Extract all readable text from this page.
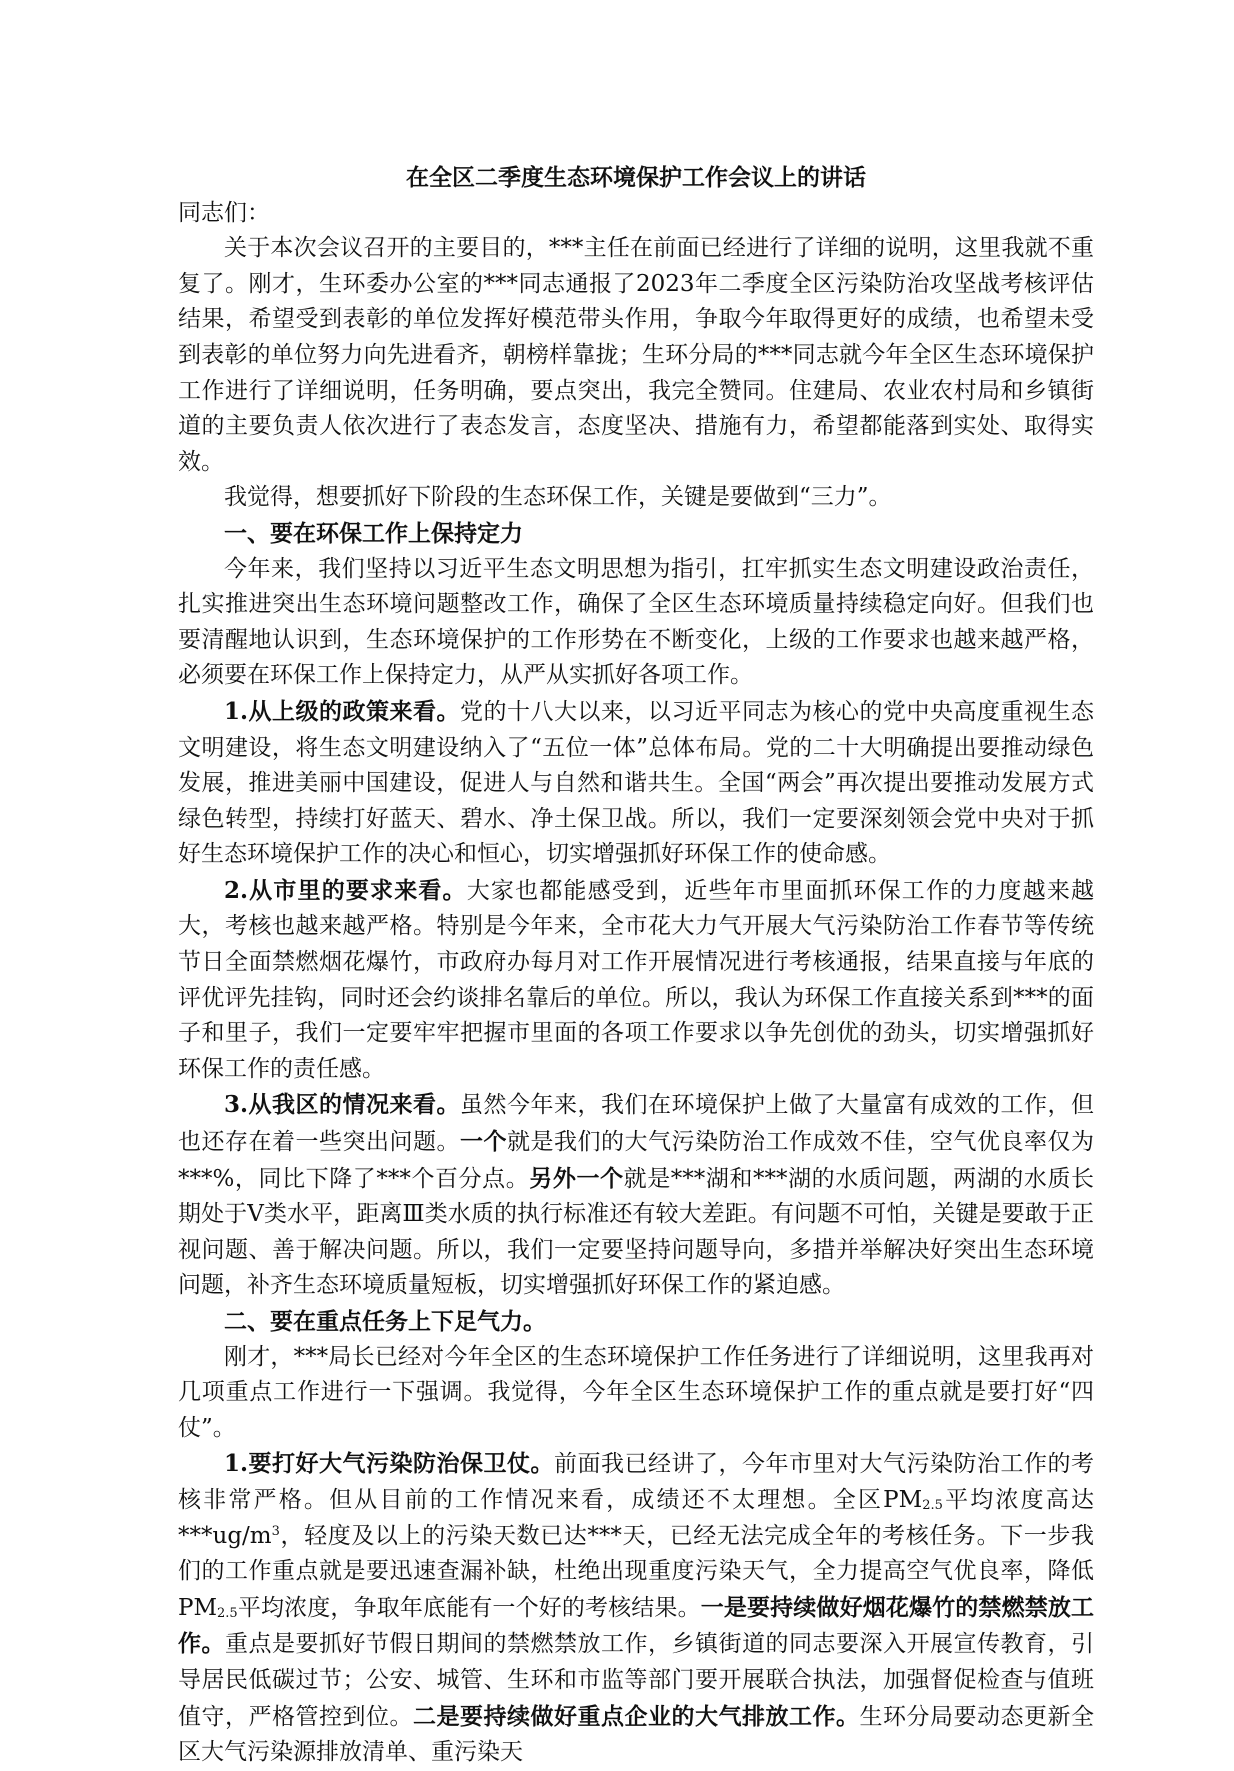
在全区二季度生态环境保护工作会议上的讲话

同志们：

关于本次会议召开的主要目的，***主任在前面已经进行了详细的说明，这里我就不重复了。刚才，生环委办公室的***同志通报了2023年二季度全区污染防治攻坚战考核评估结果，希望受到表彰的单位发挥好模范带头作用，争取今年取得更好的成绩，也希望未受到表彰的单位努力向先进看齐，朝榜样靠拢；生环分局的***同志就今年全区生态环境保护工作进行了详细说明，任务明确，要点突出，我完全赞同。住建局、农业农村局和乡镇街道的主要负责人依次进行了表态发言，态度坚决、措施有力，希望都能落到实处、取得实效。

我觉得，想要抓好下阶段的生态环保工作，关键是要做到“三力”。

一、要在环保工作上保持定力

今年来，我们坚持以习近平生态文明思想为指引，扛牢抓实生态文明建设政治责任，扎实推进突出生态环境问题整改工作，确保了全区生态环境质量持续稳定向好。但我们也要清醒地认识到，生态环境保护的工作形势在不断变化，上级的工作要求也越来越严格，必须要在环保工作上保持定力，从严从实抓好各项工作。

1.从上级的政策来看。党的十八大以来，以习近平同志为核心的党中央高度重视生态文明建设，将生态文明建设纳入了“五位一体”总体布局。党的二十大明确提出要推动绿色发展，推进美丽中国建设，促进人与自然和谐共生。全国“两会”再次提出要推动发展方式绿色转型，持续打好蓝天、碧水、净土保卫战。所以，我们一定要深刻领会党中央对于抓好生态环境保护工作的决心和恒心，切实增强抓好环保工作的使命感。

2.从市里的要求来看。大家也都能感受到，近些年市里面抓环保工作的力度越来越大，考核也越来越严格。特别是今年来，全市花大力气开展大气污染防治工作春节等传统节日全面禁燃烟花爆竹，市政府办每月对工作开展情况进行考核通报，结果直接与年底的评优评先挂钩，同时还会约谈排名靠后的单位。所以，我认为环保工作直接关系到***的面子和里子，我们一定要牢牢把握市里面的各项工作要求以争先创优的劲头，切实增强抓好环保工作的责任感。

3.从我区的情况来看。虽然今年来，我们在环境保护上做了大量富有成效的工作，但也还存在着一些突出问题。一个就是我们的大气污染防治工作成效不佳，空气优良率仅为***%，同比下降了***个百分点。另外一个就是***湖和***湖的水质问题，两湖的水质长期处于Ⅴ类水平，距离Ⅲ类水质的执行标准还有较大差距。有问题不可怕，关键是要敢于正视问题、善于解决问题。所以，我们一定要坚持问题导向，多措并举解决好突出生态环境问题，补齐生态环境质量短板，切实增强抓好环保工作的紧迫感。

二、要在重点任务上下足气力。

刚才，***局长已经对今年全区的生态环境保护工作任务进行了详细说明，这里我再对几项重点工作进行一下强调。我觉得，今年全区生态环境保护工作的重点就是要打好“四仗”。

1.要打好大气污染防治保卫仗。前面我已经讲了，今年市里对大气污染防治工作的考核非常严格。但从目前的工作情况来看，成绩还不太理想。全区$PM_{2.5}$平均浓度高达$***ug/m^3$，轻度及以上的污染天数已达***天，已经无法完成全年的考核任务。下一步我们的工作重点就是要迅速查漏补缺，杜绝出现重度污染天气，全力提高空气优良率，降低$PM_{2.5}$平均浓度，争取年底能有一个好的考核结果。一是要持续做好烟花爆竹的禁燃禁放工作。重点是要抓好节假日期间的禁燃禁放工作，乡镇街道的同志要深入开展宣传教育，引导居民低碳过节；公安、城管、生环和市监等部门要开展联合执法，加强督促检查与值班值守，严格管控到位。二是要持续做好重点企业的大气排放工作。生环分局要动态更新全区大气污染源排放清单、重污染天
